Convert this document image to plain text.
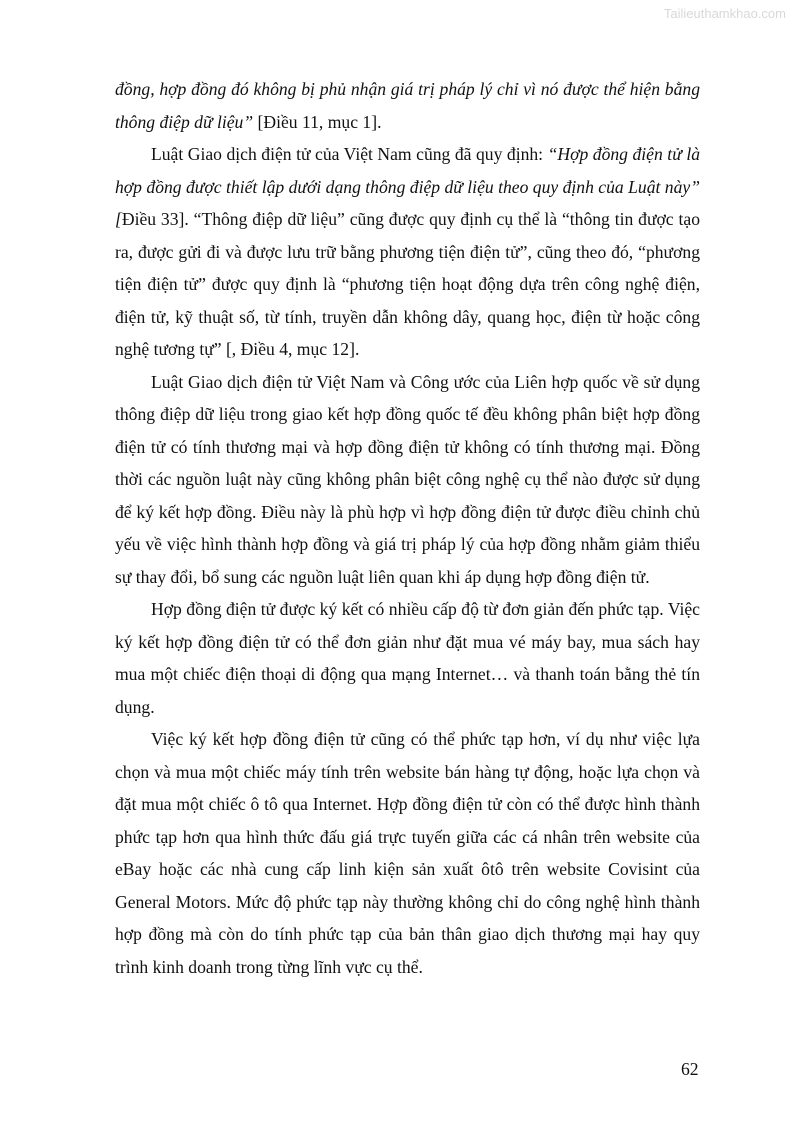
Tailieuthamkhao.com

đồng, hợp đồng đó không bị phủ nhận giá trị pháp lý chỉ vì nó được thể hiện bằng thông điệp dữ liệu” [Điều 11, mục 1].

Luật Giao dịch điện tử của Việt Nam cũng đã quy định: “Hợp đồng điện tử là hợp đồng được thiết lập dưới dạng thông điệp dữ liệu theo quy định của Luật này” [Điều 33]. “Thông điệp dữ liệu” cũng được quy định cụ thể là “thông tin được tạo ra, được gửi đi và được lưu trữ bằng phương tiện điện tử”, cũng theo đó, “phương tiện điện tử” được quy định là “phương tiện hoạt động dựa trên công nghệ điện, điện tử, kỹ thuật số, từ tính, truyền dẫn không dây, quang học, điện từ hoặc công nghệ tương tự” [, Điều 4, mục 12].

Luật Giao dịch điện tử Việt Nam và Công ước của Liên hợp quốc về sử dụng thông điệp dữ liệu trong giao kết hợp đồng quốc tế đều không phân biệt hợp đồng điện tử có tính thương mại và hợp đồng điện tử không có tính thương mại. Đồng thời các nguồn luật này cũng không phân biệt công nghệ cụ thể nào được sử dụng để ký kết hợp đồng. Điều này là phù hợp vì hợp đồng điện tử được điều chỉnh chủ yếu về việc hình thành hợp đồng và giá trị pháp lý của hợp đồng nhằm giảm thiểu sự thay đổi, bổ sung các nguồn luật liên quan khi áp dụng hợp đồng điện tử.

Hợp đồng điện tử được ký kết có nhiều cấp độ từ đơn giản đến phức tạp. Việc ký kết hợp đồng điện tử có thể đơn giản như đặt mua vé máy bay, mua sách hay mua một chiếc điện thoại di động qua mạng Internet… và thanh toán bằng thẻ tín dụng.

Việc ký kết hợp đồng điện tử cũng có thể phức tạp hơn, ví dụ như việc lựa chọn và mua một chiếc máy tính trên website bán hàng tự động, hoặc lựa chọn và đặt mua một chiếc ô tô qua Internet. Hợp đồng điện tử còn có thể được hình thành phức tạp hơn qua hình thức đấu giá trực tuyến giữa các cá nhân trên website của eBay hoặc các nhà cung cấp linh kiện sản xuất ôtô trên website Covisint của General Motors. Mức độ phức tạp này thường không chỉ do công nghệ hình thành hợp đồng mà còn do tính phức tạp của bản thân giao dịch thương mại hay quy trình kinh doanh trong từng lĩnh vực cụ thể.

62
